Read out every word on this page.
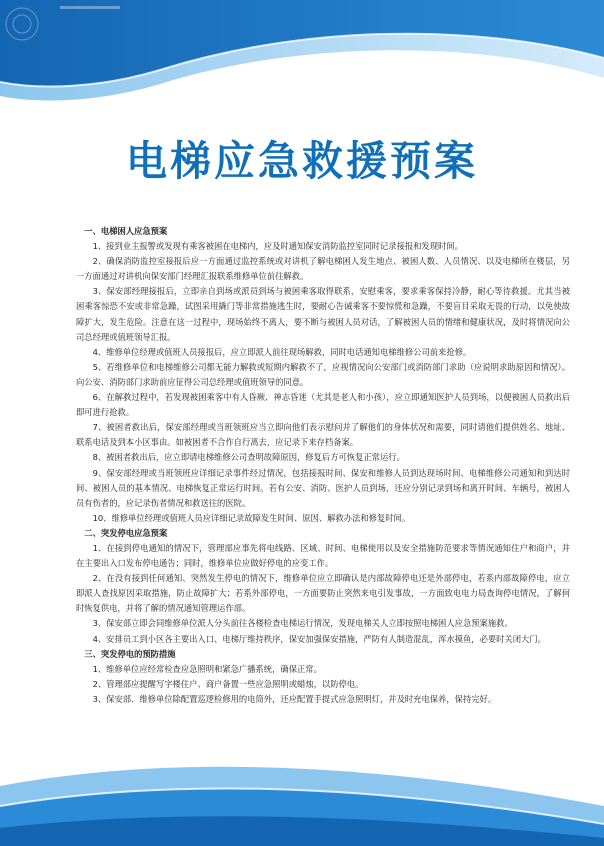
电梯应急救援预案

一、电梯困人应急预案

1、接到业主报警或发现有乘客被困在电梯内，应及时通知保安消防监控室同时记录接报和发现时间。

2、确保消防监控室接报后应一方面通过监控系统或对讲机了解电梯困人发生地点、被困人数、人员情况、以及电梯所在楼层，另一方面通过对讲机向保安部门经理汇报联系维修单位前往解救。

3、保安部经理接报后，立即亲自到场或派员到场与被困乘客取得联系，安慰乘客，要求乘客保持冷静，耐心等待救援。尤其当被困乘客惊恐不安或非常急躁，试图采用撬门等非常措施逃生时，要耐心告诫乘客不要惊慌和急躁，不要盲目采取无畏的行动，以免使故障扩大，发生危险。注意在这一过程中，现场始终不离人，要不断与被困人员对话，了解被困人员的情绪和健康状况，及时将情况向公司总经理或值班领导汇报。

4、维修单位经理或值班人员接报后，应立即派人前往现场解救，同时电话通知电梯维修公司前来抢修。

5、若维修单位和电梯维修公司都无能力解救或短期内解救不了，应视情况向公安部门或消防部门求助（应说明求助原因和情况）。向公安、消防部门求助前应征得公司总经理或值班领导的同意。

6、在解救过程中，若发现被困乘客中有人昏厥、神志昏迷（尤其是老人和小孩），应立即通知医护人员到场，以便被困人员救出后即可进行抢救。

7、被困者救出后，保安部经理或当班领班应当立即向他们表示慰问并了解他们的身体状况和需要，同时请他们提供姓名、地址、联系电话及到本小区事由。如被困者不合作自行离去，应记录下来存档备案。

8、被困者救出后，应立即请电梯维修公司查明故障原因，修复后方可恢复正常运行。

9、保安部经理或当班领班应详细记录事件经过情况，包括接报时间、保安和维修人员到达现场时间、电梯维修公司通知和到达时间、被困人员的基本情况、电梯恢复正常运行时间。若有公安、消防、医护人员到场，还应分别记录到场和离开时间、车辆号，被困人员有伤者的，应记录伤者情况和救送往的医院。

10、维修单位经理或值班人员应详细记录故障发生时间、原因、解救办法和修复时间。

二、突发停电应急预案

1、在接到停电通知的情况下，管理部应事先将电线路、区域、时间、电梯使用以及安全措施防范要求等情况通知住户和商户，并在主要出入口发布停电通告；同时，维修单位应做好停电的应变工作。

2、在没有接到任何通知、突然发生停电的情况下，维修单位应立即确认是内部故障停电还是外部停电，若系内部故障停电，应立即派人查找原因采取措施，防止故障扩大；若系外部停电，一方面要防止突然来电引发事故，一方面致电电力局查询停电情况，了解何时恢复供电，并将了解的情况通知管理运作部。

3、保安部立即会同维修单位派人分头前往各楼检查电梯运行情况，发现电梯关人立即按照电梯困人应急预案施救。

4、安排员工到小区各主要出入口、电梯厅维持秩序，保安加强保安措施，严防有人制造混乱，浑水摸鱼，必要时关闭大门。

三、突发停电的预防措施

1、维修单位应经常检查应急照明和紧急广播系统，确保正常。

2、管理部应提醒写字楼住户、商户备置一些应急照明或蜡烛，以防停电。

3、保安部、维修单位除配置巡逻检修用的电筒外，还应配置手提式应急照明灯，并及时充电保养，保持完好。
